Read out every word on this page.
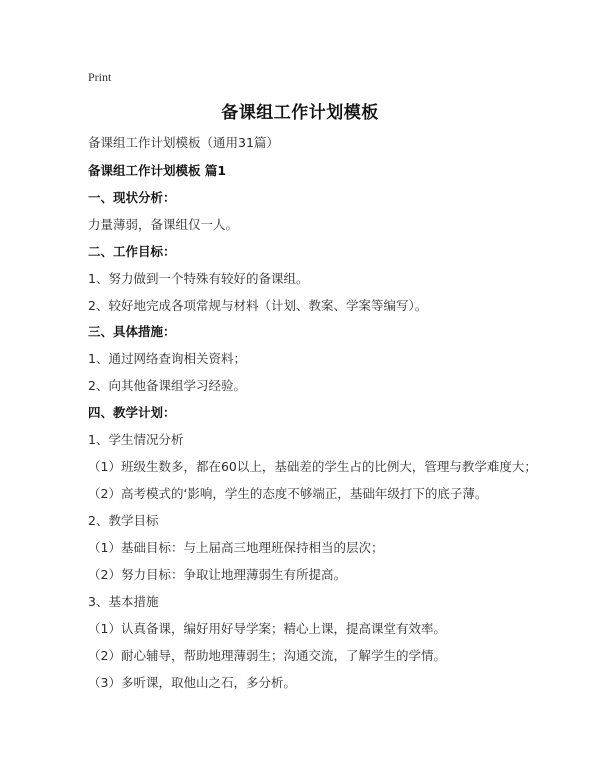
Print
备课组工作计划模板
备课组工作计划模板（通用31篇）
备课组工作计划模板 篇1
一、现状分析：
力量薄弱，备课组仅一人。
二、工作目标：
1、努力做到一个特殊有较好的备课组。
2、较好地完成各项常规与材料（计划、教案、学案等编写）。
三、具体措施：
1、通过网络查询相关资料；
2、向其他备课组学习经验。
四、教学计划：
1、学生情况分析
（1）班级生数多，都在60以上，基础差的学生占的比例大，管理与教学难度大；
（2）高考模式的‘影响，学生的态度不够端正，基础年级打下的底子薄。
2、教学目标
（1）基础目标：与上届高三地理班保持相当的层次；
（2）努力目标：争取让地理薄弱生有所提高。
3、基本措施
（1）认真备课，编好用好导学案；精心上课，提高课堂有效率。
（2）耐心辅导，帮助地理薄弱生；沟通交流，了解学生的学情。
（3）多听课，取他山之石，多分析。
